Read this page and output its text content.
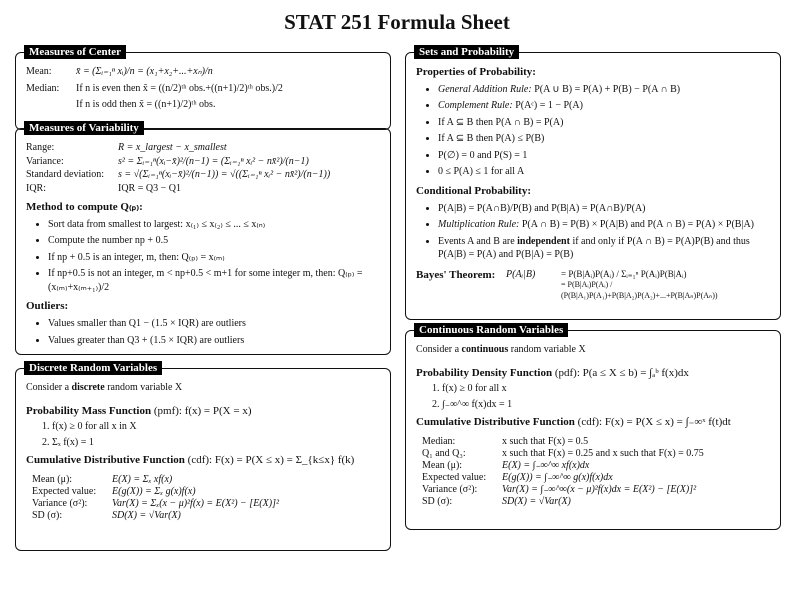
STAT 251 Formula Sheet
Measures of Center
Mean:	x̄ = (Σᵢ₌₁ⁿ xᵢ)/n = (x₁+x₂+...+xₙ)/n
Median:	If n is even then x̃ = ((n/2)ᵗʰ obs.+((n+1)/2)ᵗʰ obs.)/2
If n is odd then x̃ = ((n+1)/2)ᵗʰ obs.
Measures of Variability
Range:	R = x_largest − x_smallest
Variance:	s² = Σᵢ₌₁ⁿ(xᵢ−x̄)²/(n−1) = (Σᵢ₌₁ⁿ xᵢ² − nx̄²)/(n−1)
Standard deviation:	s = √(Σᵢ₌₁ⁿ(xᵢ−x̄)²/(n−1)) = √((Σᵢ₌₁ⁿ xᵢ² − nx̄²)/(n−1))
IQR:	IQR = Q3 − Q1
Method to compute Q₍ₚ₎:
• Sort data from smallest to largest: x₍₁₎ ≤ x₍₂₎ ≤ ... ≤ x₍ₙ₎
• Compute the number np + 0.5
• If np + 0.5 is an integer, m, then: Q₍ₚ₎ = x₍ₘ₎
• If np+0.5 is not an integer, m < np+0.5 < m+1 for some integer m, then: Q₍ₚ₎ = (x₍ₘ₎+x₍ₘ₊₁₎)/2
Outliers:
• Values smaller than Q1 − (1.5 × IQR) are outliers
• Values greater than Q3 + (1.5 × IQR) are outliers
Discrete Random Variables
Consider a discrete random variable X
Probability Mass Function (pmf): f(x) = P(X = x)
1. f(x) ≥ 0 for all x in X
2. Σₓ f(x) = 1
Cumulative Distributive Function (cdf): F(x) = P(X ≤ x) = Σ_{k≤x} f(k)
Mean (μ):	E(X) = Σₓ xf(x)
Expected value:	E(g(X)) = Σₓ g(x)f(x)
Variance (σ²):	Var(X) = Σₓ(x − μ)²f(x) = E(X²) − [E(X)]²
SD (σ):	SD(X) = √Var(X)
Sets and Probability
Properties of Probability:
• General Addition Rule: P(A ∪ B) = P(A) + P(B) − P(A ∩ B)
• Complement Rule: P(Aᶜ) = 1 − P(A)
• If A ⊆ B then P(A ∩ B) = P(A)
• If A ⊆ B then P(A) ≤ P(B)
• P(∅) = 0 and P(S) = 1
• 0 ≤ P(A) ≤ 1 for all A
Conditional Probability:
• P(A|B) = P(A∩B)/P(B) and P(B|A) = P(A∩B)/P(A)
• Multiplication Rule: P(A ∩ B) = P(B) × P(A|B) and P(A ∩ B) = P(A) × P(B|A)
• Events A and B are independent if and only if P(A ∩ B) = P(A)P(B) and thus P(A|B) = P(A) and P(B|A) = P(B)
Bayes' Theorem:	P(Aᵢ|B)	= P(B|Aᵢ)P(Aᵢ) / Σᵢ₌₁ⁿ P(Aᵢ)P(B|Aᵢ)
= P(B|Aᵢ)P(Aᵢ) / (P(B|A₁)P(A₁)+P(B|A₂)P(A₂)+...+P(B|Aₙ)P(Aₙ))
Continuous Random Variables
Consider a continuous random variable X
Probability Density Function (pdf): P(a ≤ X ≤ b) = ∫ₐᵇ f(x)dx
1. f(x) ≥ 0 for all x
2. ∫₋∞^∞ f(x)dx = 1
Cumulative Distributive Function (cdf): F(x) = P(X ≤ x) = ∫₋∞ˣ f(t)dt
Median:	x such that F(x) = 0.5
Q₁ and Q₃:	x such that F(x) = 0.25 and x such that F(x) = 0.75
Mean (μ):	E(X) = ∫₋∞^∞ xf(x)dx
Expected value:	E(g(X)) = ∫₋∞^∞ g(x)f(x)dx
Variance (σ²):	Var(X) = ∫₋∞^∞(x − μ)²f(x)dx = E(X²) − [E(X)]²
SD (σ):	SD(X) = √Var(X)
